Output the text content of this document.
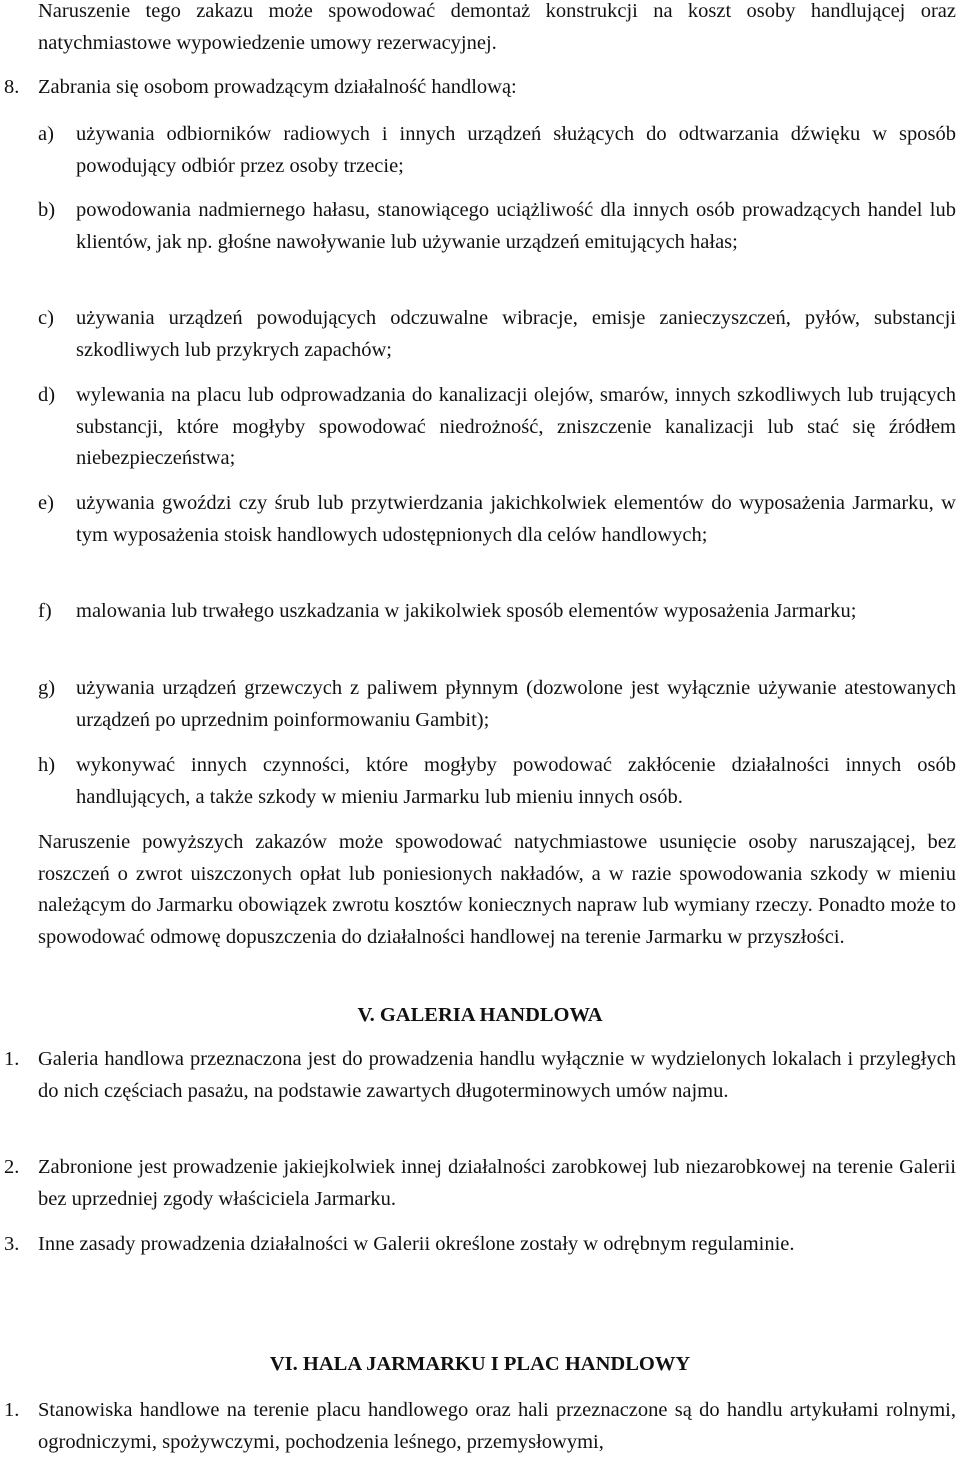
Naruszenie tego zakazu może spowodować demontaż konstrukcji na koszt osoby handlującej oraz natychmiastowe wypowiedzenie umowy rezerwacyjnej.

8. Zabrania się osobom prowadzącym działalność handlową:
a) używania odbiorników radiowych i innych urządzeń służących do odtwarzania dźwięku w sposób powodujący odbiór przez osoby trzecie;
b) powodowania nadmiernego hałasu, stanowiącego uciążliwość dla innych osób prowadzących handel lub klientów, jak np. głośne nawoływanie lub używanie urządzeń emitujących hałas;
c) używania urządzeń powodujących odczuwalne wibracje, emisje zanieczyszczeń, pyłów, substancji szkodliwych lub przykrych zapachów;
d) wylewania na placu lub odprowadzania do kanalizacji olejów, smarów, innych szkodliwych lub trujących substancji, które mogłyby spowodować niedrożność, zniszczenie kanalizacji lub stać się źródłem niebezpieczeństwa;
e) używania gwoździ czy śrub lub przytwierdzania jakichkolwiek elementów do wyposażenia Jarmarku, w tym wyposażenia stoisk handlowych udostępnionych dla celów handlowych;
f) malowania lub trwałego uszkadzania w jakikolwiek sposób elementów wyposażenia Jarmarku;
g) używania urządzeń grzewczych z paliwem płynnym (dozwolone jest wyłącznie używanie atestowanych urządzeń po uprzednim poinformowaniu Gambit);
h) wykonywać innych czynności, które mogłyby powodować zakłócenie działalności innych osób handlujących, a także szkody w mieniu Jarmarku lub mieniu innych osób.

Naruszenie powyższych zakazów może spowodować natychmiastowe usunięcie osoby naruszającej, bez roszczeń o zwrot uiszczonych opłat lub poniesionych nakładów, a w razie spowodowania szkody w mieniu należącym do Jarmarku obowiązek zwrotu kosztów koniecznych napraw lub wymiany rzeczy. Ponadto może to spowodować odmowę dopuszczenia do działalności handlowej na terenie Jarmarku w przyszłości.

V. GALERIA HANDLOWA
1. Galeria handlowa przeznaczona jest do prowadzenia handlu wyłącznie w wydzielonych lokalach i przyległych do nich częściach pasażu, na podstawie zawartych długoterminowych umów najmu.
2. Zabronione jest prowadzenie jakiejkolwiek innej działalności zarobkowej lub niezarobkowej na terenie Galerii bez uprzedniej zgody właściciela Jarmarku.
3. Inne zasady prowadzenia działalności w Galerii określone zostały w odrębnym regulaminie.
VI. HALA JARMARKU I PLAC HANDLOWY
1. Stanowiska handlowe na terenie placu handlowego oraz hali przeznaczone są do handlu artykułami rolnymi, ogrodniczymi, spożywczymi, pochodzenia leśnego, przemysłowymi,
